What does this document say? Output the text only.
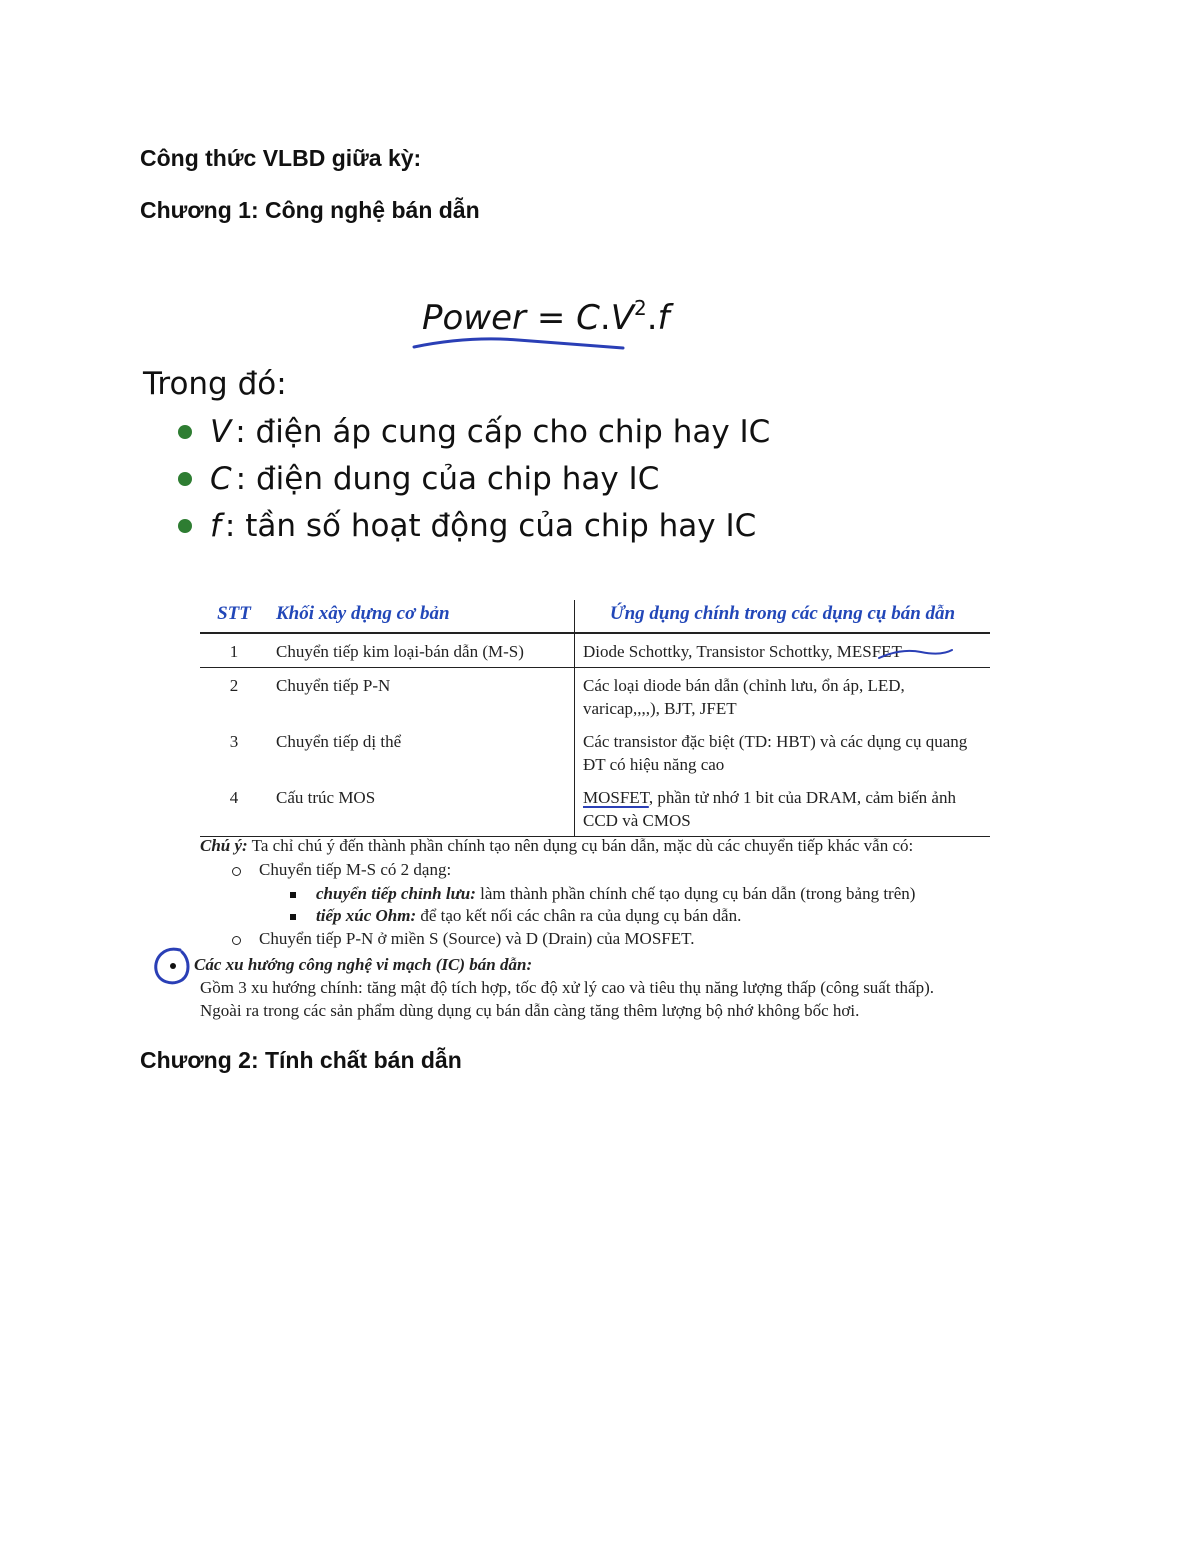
Công thức VLBD giữa kỳ:
Chương 1: Công nghệ bán dẫn
Power = $C.V^2.f$
Trong đó:
V : điện áp cung cấp cho chip hay IC
C : điện dung của chip hay IC
f : tần số hoạt động của chip hay IC
STT	Khối xây dựng cơ bản	Ứng dụng chính trong các dụng cụ bán dẫn
1	Chuyển tiếp kim loại-bán dẫn (M-S)	Diode Schottky, Transistor Schottky, MESFET
2	Chuyển tiếp P-N	Các loại diode bán dẫn (chỉnh lưu, ổn áp, LED, varicap,,,,), BJT, JFET
3	Chuyển tiếp dị thể	Các transistor đặc biệt (TD: HBT) và các dụng cụ quang ĐT có hiệu năng cao
4	Cấu trúc MOS	MOSFET, phần tử nhớ 1 bit của DRAM, cảm biến ảnh CCD và CMOS
Chú ý: Ta chỉ chú ý đến thành phần chính tạo nên dụng cụ bán dẫn, mặc dù các chuyển tiếp khác vẫn có:
Chuyển tiếp M-S có 2 dạng:
chuyển tiếp chỉnh lưu: làm thành phần chính chế tạo dụng cụ bán dẫn (trong bảng trên)
tiếp xúc Ohm: để tạo kết nối các chân ra của dụng cụ bán dẫn.
Chuyển tiếp P-N ở miền S (Source) và D (Drain) của MOSFET.
Các xu hướng công nghệ vi mạch (IC) bán dẫn:
Gồm 3 xu hướng chính: tăng mật độ tích hợp, tốc độ xử lý cao và tiêu thụ năng lượng thấp (công suất thấp).
Ngoài ra trong các sản phẩm dùng dụng cụ bán dẫn càng tăng thêm lượng bộ nhớ không bốc hơi.
Chương 2: Tính chất bán dẫn
